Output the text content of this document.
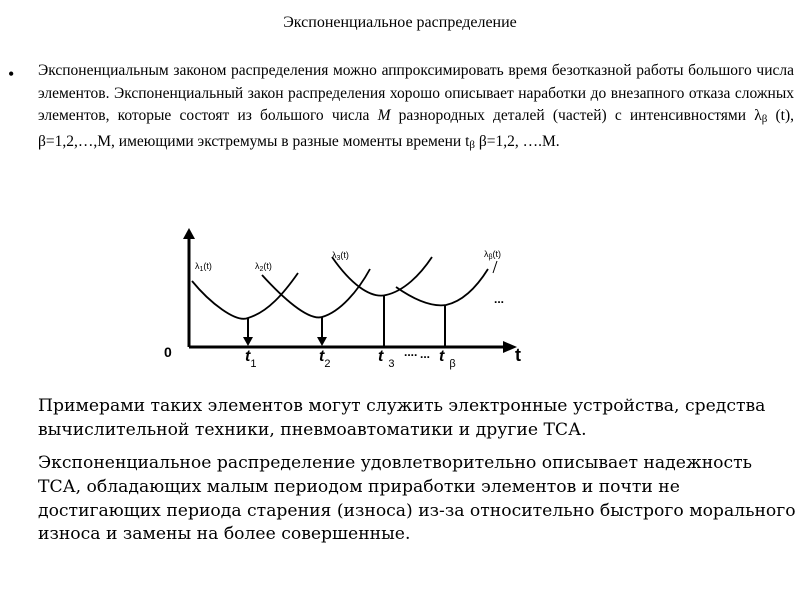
Экспоненциальное распределение
• Экспоненциальным законом распределения можно аппроксимировать время безотказной работы большого числа элементов. Экспоненциальный закон распределения хорошо описывает наработки до внезапного отказа сложных элементов, которые состоят из большого числа M разнородных деталей (частей) с интенсивностями λβ (t), β=1,2,…,M, имеющими экстремумы в разные моменты времени tβ β=1,2, ….M.
$\lambda_1(t)$	$\lambda_2(t)$
$\lambda_3(t)$	$\lambda_\beta(t)$
...
0	t
$t_1$	$t_2$	t $_3$
.... ... t $_\beta$
Примерами таких элементов могут служить электронные устройства, средства вычислительной техники, пневмоавтоматики и другие ТСА.
Экспоненциальное распределение удовлетворительно описывает надежность ТСА, обладающих малым периодом приработки элементов и почти не достигающих периода старения (износа) из-за относительно быстрого морального износа и замены на более совершенные.
